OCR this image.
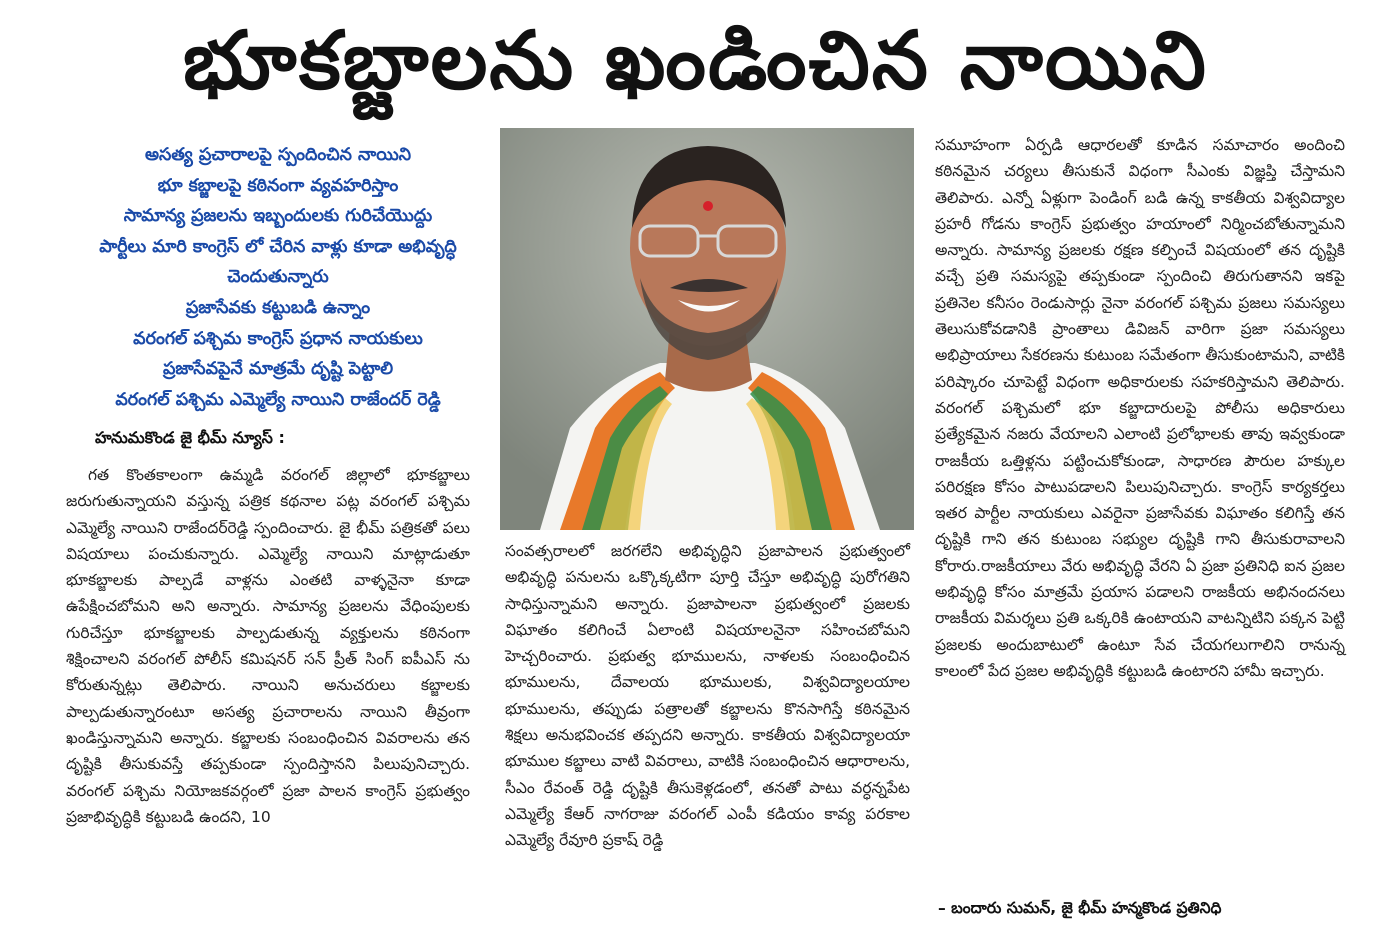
భూకబ్జాలను ఖండించిన నాయిని
అసత్య ప్రచారాలపై స్పందించిన నాయిని
భూ కబ్జాలపై కఠినంగా వ్యవహరిస్తాం
సామాన్య ప్రజలను ఇబ్బందులకు గురిచేయొద్దు
పార్టీలు మారి కాంగ్రెస్ లో చేరిన వాళ్లు కూడా అభివృద్ధి
చెందుతున్నారు
ప్రజాసేవకు కట్టుబడి ఉన్నాం
వరంగల్ పశ్చిమ కాంగ్రెస్ ప్రధాన నాయకులు
ప్రజాసేవపైనే మాత్రమే దృష్టి పెట్టాలి
వరంగల్ పశ్చిమ ఎమ్మెల్యే నాయిని రాజేందర్ రెడ్డి
హనుమకొండ జై భీమ్ న్యూస్ :

గత కొంతకాలంగా ఉమ్మడి వరంగల్ జిల్లాలో భూకబ్జాలు జరుగుతున్నాయని వస్తున్న పత్రిక కథనాల పట్ల వరంగల్ పశ్చిమ ఎమ్మెల్యే నాయిని రాజేందర్‌రెడ్డి స్పందించారు. జై భీమ్ పత్రికతో పలు విషయాలు పంచుకున్నారు. ఎమ్మెల్యే నాయిని మాట్లాడుతూ భూకబ్జాలకు పాల్పడే వాళ్లను ఎంతటి వాళ్ళనైనా కూడా ఉపేక్షించబోమని అని అన్నారు. సామాన్య ప్రజలను వేధింపులకు గురిచేస్తూ భూకబ్జాలకు పాల్పడుతున్న వ్యక్తులను కఠినంగా శిక్షించాలని వరంగల్ పోలీస్ కమిషనర్ సన్ ప్రీత్ సింగ్ ఐపీఎస్ ను కోరుతున్నట్లు తెలిపారు. నాయిని అనుచరులు కబ్జాలకు పాల్పడుతున్నారంటూ అసత్య ప్రచారాలను నాయిని తీవ్రంగా ఖండిస్తున్నామని అన్నారు. కబ్జాలకు సంబంధించిన వివరాలను తన దృష్టికి తీసుకువస్తే తప్పకుండా స్పందిస్తానని పిలుపునిచ్చారు. వరంగల్ పశ్చిమ నియోజకవర్గంలో ప్రజా పాలన కాంగ్రెస్ ప్రభుత్వం ప్రజాభివృద్ధికి కట్టుబడి ఉందని, 10

సంవత్సరాలలో జరగలేని అభివృద్ధిని ప్రజాపాలన ప్రభుత్వంలో అభివృద్ధి పనులను ఒక్కొక్కటిగా పూర్తి చేస్తూ అభివృద్ధి పురోగతిని సాధిస్తున్నామని అన్నారు. ప్రజాపాలనా ప్రభుత్వంలో ప్రజలకు విఘాతం కలిగించే ఏలాంటి విషయాలనైనా సహించబోమని హెచ్చరించారు. ప్రభుత్వ భూములను, నాళలకు సంబంధించిన భూములను, దేవాలయ భూములకు, విశ్వవిద్యాలయాల భూములను, తప్పుడు పత్రాలతో కబ్జాలను కొనసాగిస్తే కఠినమైన శిక్షలు అనుభవించక తప్పదని అన్నారు. కాకతీయ విశ్వవిద్యాలయా భూముల కబ్జాలు వాటి వివరాలు, వాటికి సంబంధించిన ఆధారాలను, సీఎం రేవంత్ రెడ్డి దృష్టికి తీసుకెళ్లడంలో, తనతో పాటు వర్ధన్నపేట ఎమ్మెల్యే కేఆర్ నాగరాజు వరంగల్ ఎంపీ కడియం కావ్య పరకాల ఎమ్మెల్యే రేవూరి ప్రకాష్ రెడ్డి

సమూహంగా ఏర్పడి ఆధారలతో కూడిన సమాచారం అందించి కఠినమైన చర్యలు తీసుకునే విధంగా సీఎంకు విజ్ఞప్తి చేస్తామని తెలిపారు. ఎన్నో ఏళ్లుగా పెండింగ్ బడి ఉన్న కాకతీయ విశ్వవిద్యాల ప్రహరీ గోడను కాంగ్రెస్ ప్రభుత్వం హయాంలో నిర్మించబోతున్నామని అన్నారు. సామాన్య ప్రజలకు రక్షణ కల్పించే విషయంలో తన దృష్టికి వచ్చే ప్రతి సమస్యపై తప్పకుండా స్పందించి తిరుగుతానని ఇకపై ప్రతినెల కనీసం రెండుసార్లు నైనా వరంగల్ పశ్చిమ ప్రజలు సమస్యలు తెలుసుకోవడానికి ప్రాంతాలు డివిజన్ వారిగా ప్రజా సమస్యలు అభిప్రాయాలు సేకరణను కుటుంబ సమేతంగా తీసుకుంటామని, వాటికి పరిష్కారం చూపెట్టే విధంగా అధికారులకు సహకరిస్తామని తెలిపారు. వరంగల్ పశ్చిమలో భూ కబ్జాదారులపై పోలీసు అధికారులు ప్రత్యేకమైన నజరు వేయాలని ఎలాంటి ప్రలోభాలకు తావు ఇవ్వకుండా రాజకీయ ఒత్తిళ్లను పట్టించుకోకుండా, సాధారణ పౌరుల హక్కుల పరిరక్షణ కోసం పాటుపడాలని పిలుపునిచ్చారు. కాంగ్రెస్ కార్యకర్తలు ఇతర పార్టీల నాయకులు ఎవరైనా ప్రజాసేవకు విఘాతం కలిగిస్తే తన దృష్టికి గాని తన కుటుంబ సభ్యుల దృష్టికి గాని తీసుకురావాలని కోరారు.రాజకీయాలు వేరు అభివృద్ధి వేరని ఏ ప్రజా ప్రతినిధి ఐన ప్రజల అభివృద్ధి కోసం మాత్రమే ప్రయాస పడాలని రాజకీయ అభినందనలు రాజకీయ విమర్శలు ప్రతి ఒక్కరికి ఉంటాయని వాటన్నిటిని పక్కన పెట్టి ప్రజలకు అందుబాటులో ఉంటూ సేవ చేయగలుగాలిని రానున్న కాలంలో పేద ప్రజల అభివృద్ధికి కట్టుబడి ఉంటారని హామీ ఇచ్చారు.

– బందారు సుమన్, జై భీమ్ హన్మకొండ ప్రతినిధి
